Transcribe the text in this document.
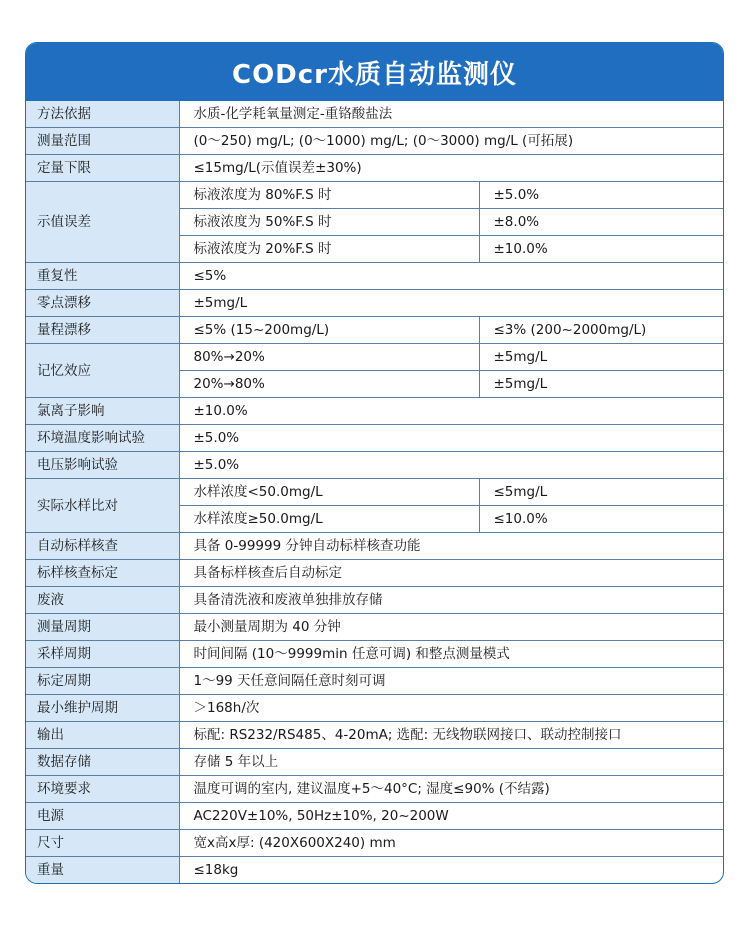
CODcr水质自动监测仪
方法依据	水质-化学耗氧量测定-重铬酸盐法	
测量范围	(0～250) mg/L; (0～1000) mg/L; (0～3000) mg/L (可拓展)	
定量下限	≤15mg/L(示值误差±30%)	
示值误差	标液浓度为 80%F.S 时	±5.0%
	标液浓度为 50%F.S 时	±8.0%
	标液浓度为 20%F.S 时	±10.0%
重复性	≤5%	
零点漂移	±5mg/L	
量程漂移	≤5% (15~200mg/L)	≤3% (200~2000mg/L)
记忆效应	80%→20%	±5mg/L
	20%→80%	±5mg/L
氯离子影响	±10.0%	
环境温度影响试验	±5.0%	
电压影响试验	±5.0%	
实际水样比对	水样浓度<50.0mg/L	≤5mg/L
	水样浓度≥50.0mg/L	≤10.0%
自动标样核查	具备 0-99999 分钟自动标样核查功能	
标样核查标定	具备标样核查后自动标定	
废液	具备清洗液和废液单独排放存储	
测量周期	最小测量周期为 40 分钟	
采样周期	时间间隔 (10～9999min 任意可调) 和整点测量模式	
标定周期	1～99 天任意间隔任意时刻可调	
最小维护周期	＞168h/次	
输出	标配: RS232/RS485、4-20mA; 选配: 无线物联网接口、联动控制接口	
数据存储	存储 5 年以上	
环境要求	温度可调的室内, 建议温度+5～40°C; 湿度≤90% (不结露)	
电源	AC220V±10%, 50Hz±10%, 20~200W	
尺寸	宽x高x厚: (420X600X240) mm	
重量	≤18kg	
